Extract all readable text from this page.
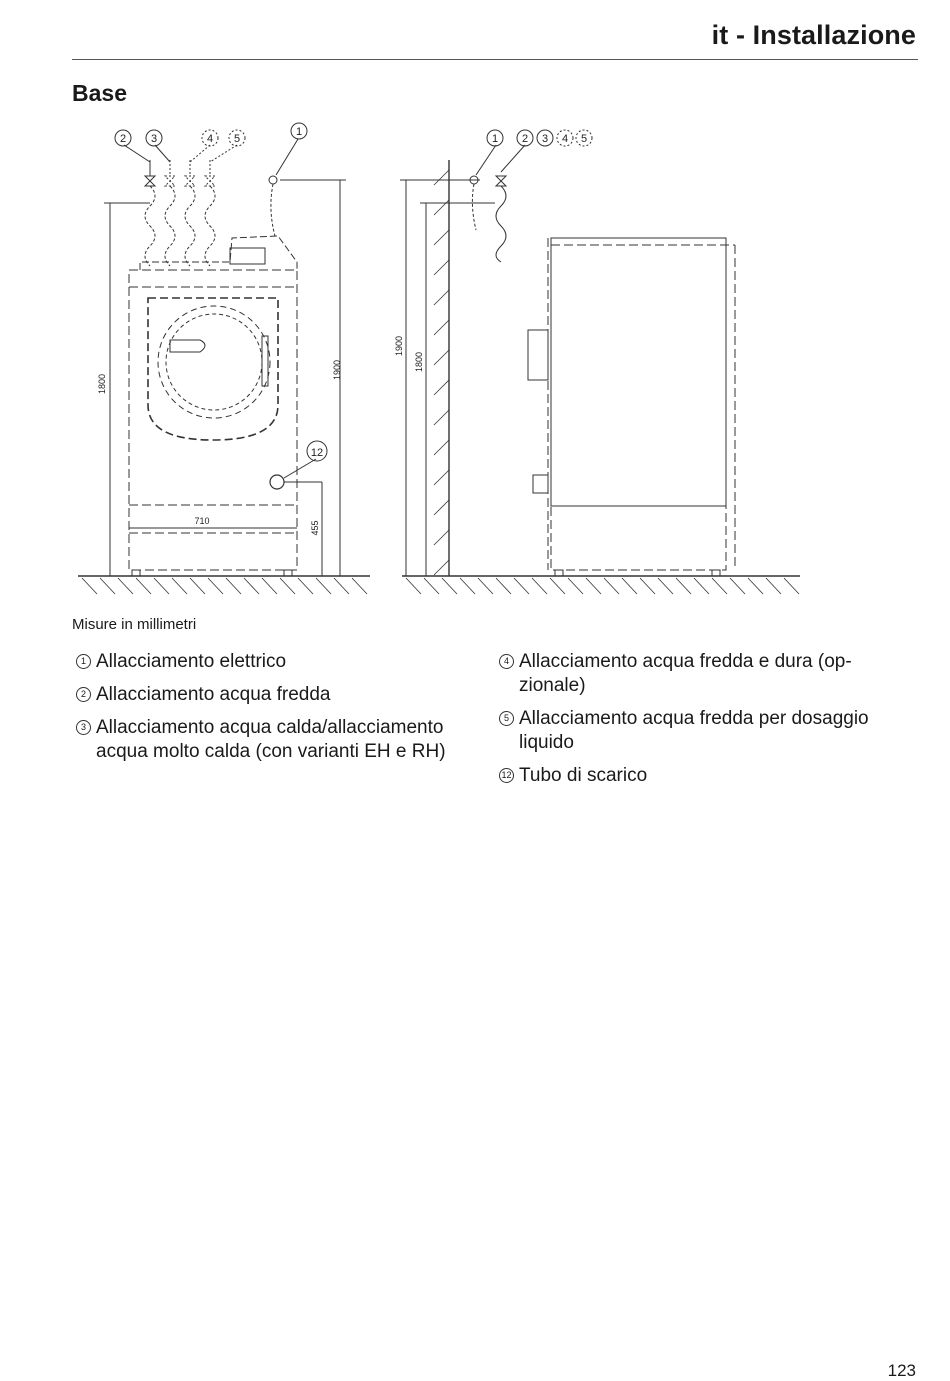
it - Installazione
Base
2 3	4 5
1
12
1 2 3 4 5
1800
1900
710	455
1900
1800
Misure in millimetri
1 Allacciamento elettrico
2 Allacciamento acqua fredda
3 Allacciamento acqua calda/allacciamento acqua molto calda (con varianti EH e RH)
4 Allacciamento acqua fredda e dura (op-zionale)
5 Allacciamento acqua fredda per dosaggio liquido
12 Tubo di scarico
123
